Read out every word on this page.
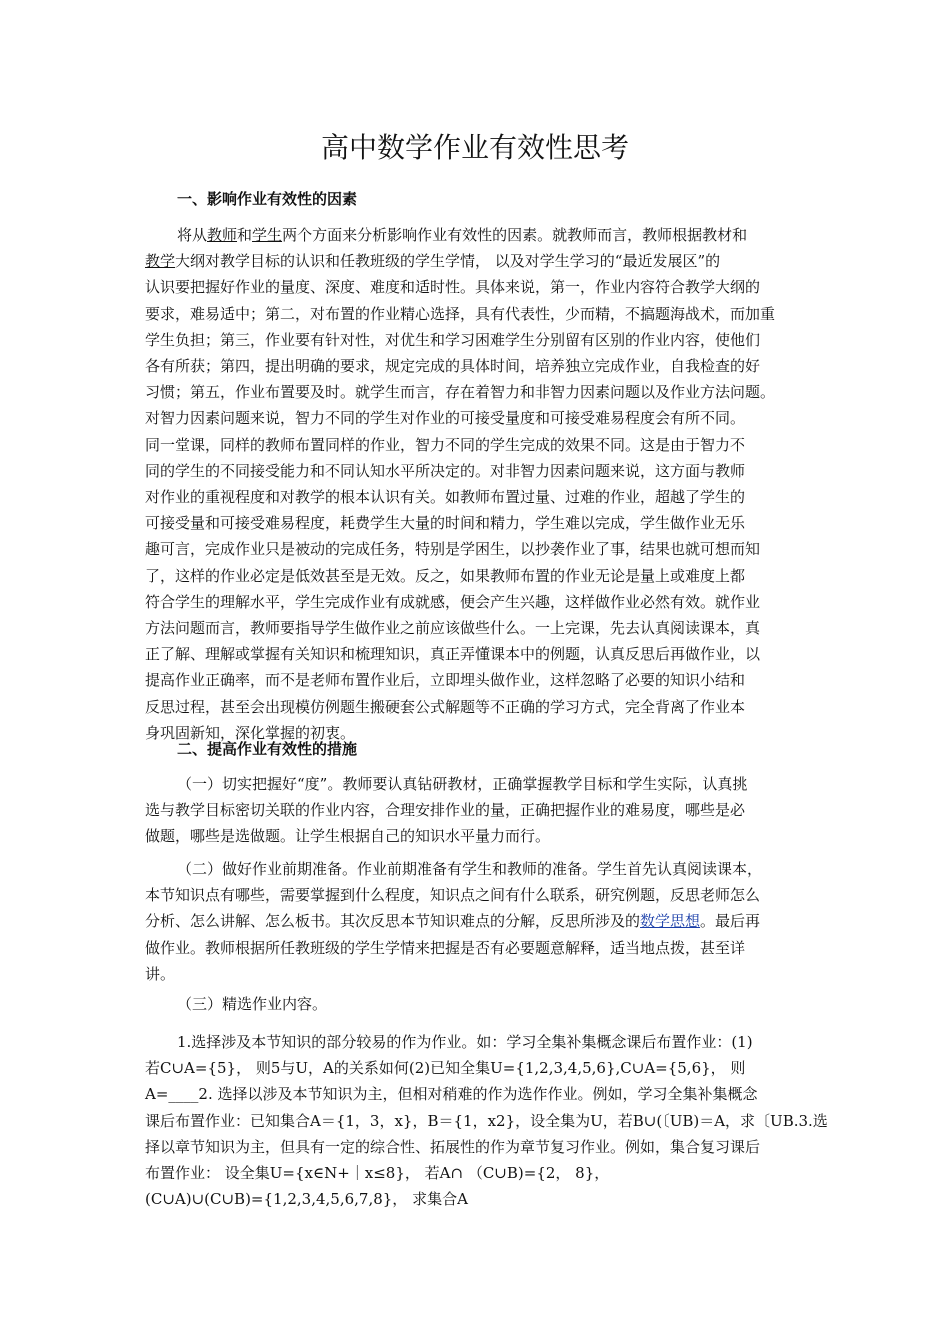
高中数学作业有效性思考
一、影响作业有效性的因素
将从教师和学生两个方面来分析影响作业有效性的因素。就教师而言，教师根据教材和
教学大纲对教学目标的认识和任教班级的学生学情， 以及对学生学习的“最近发展区”的
认识要把握好作业的量度、深度、难度和适时性。具体来说，第一，作业内容符合教学大纲的
要求，难易适中；第二，对布置的作业精心选择，具有代表性，少而精，不搞题海战术，而加重
学生负担；第三，作业要有针对性，对优生和学习困难学生分别留有区别的作业内容，使他们
各有所获；第四，提出明确的要求，规定完成的具体时间，培养独立完成作业，自我检查的好
习惯；第五，作业布置要及时。就学生而言，存在着智力和非智力因素问题以及作业方法问题。
对智力因素问题来说，智力不同的学生对作业的可接受量度和可接受难易程度会有所不同。
同一堂课，同样的教师布置同样的作业，智力不同的学生完成的效果不同。这是由于智力不
同的学生的不同接受能力和不同认知水平所决定的。对非智力因素问题来说，这方面与教师
对作业的重视程度和对教学的根本认识有关。如教师布置过量、过难的作业，超越了学生的
可接受量和可接受难易程度，耗费学生大量的时间和精力，学生难以完成，学生做作业无乐
趣可言，完成作业只是被动的完成任务，特别是学困生，以抄袭作业了事，结果也就可想而知
了，这样的作业必定是低效甚至是无效。反之，如果教师布置的作业无论是量上或难度上都
符合学生的理解水平，学生完成作业有成就感，便会产生兴趣，这样做作业必然有效。就作业
方法问题而言，教师要指导学生做作业之前应该做些什么。一上完课，先去认真阅读课本，真
正了解、理解或掌握有关知识和梳理知识，真正弄懂课本中的例题，认真反思后再做作业，以
提高作业正确率，而不是老师布置作业后，立即埋头做作业，这样忽略了必要的知识小结和
反思过程，甚至会出现模仿例题生搬硬套公式解题等不正确的学习方式，完全背离了作业本
身巩固新知，深化掌握的初衷。
二、提高作业有效性的措施
（一）切实把握好“度”。教师要认真钻研教材，正确掌握教学目标和学生实际，认真挑
选与教学目标密切关联的作业内容，合理安排作业的量，正确把握作业的难易度，哪些是必
做题，哪些是选做题。让学生根据自己的知识水平量力而行。
（二）做好作业前期准备。作业前期准备有学生和教师的准备。学生首先认真阅读课本，
本节知识点有哪些，需要掌握到什么程度，知识点之间有什么联系，研究例题，反思老师怎么
分析、怎么讲解、怎么板书。其次反思本节知识难点的分解，反思所涉及的数学思想。最后再
做作业。教师根据所任教班级的学生学情来把握是否有必要题意解释，适当地点拨，甚至详
讲。
（三）精选作业内容。
1.选择涉及本节知识的部分较易的作为作业。如：学习全集补集概念课后布置作业：(1)
若C∪A={5}， 则5与U，A的关系如何(2)已知全集U={1,2,3,4,5,6},C∪A={5,6}， 则
A=____2. 选择以涉及本节知识为主，但相对稍难的作为选作作业。例如，学习全集补集概念
课后布置作业：已知集合A＝{1，3，x}，B＝{1，x2}，设全集为U，若B∪(〔UB)＝A，求〔UB.3.选
择以章节知识为主，但具有一定的综合性、拓展性的作为章节复习作业。例如，集合复习课后
布置作业： 设全集U={x∈N+｜x≤8}， 若A∩ （C∪B)={2， 8}，
(C∪A)∪(C∪B)={1,2,3,4,5,6,7,8}， 求集合A
